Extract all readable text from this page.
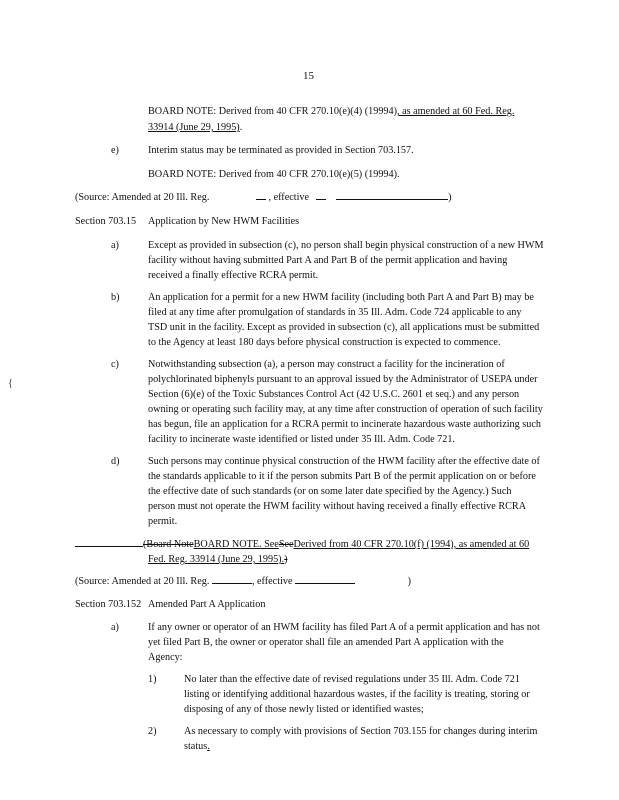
15
BOARD NOTE: Derived from 40 CFR 270.10(e)(4) (19994), as amended at 60 Fed. Reg.
33914 (June 29, 1995).
e)	Interim status may be terminated as provided in Section 703.157.
BOARD NOTE: Derived from 40 CFR 270.10(e)(5) (19994).
(Source: Amended at 20 Ill. Reg.	, effective	)
Section 703.15 Application by New HWM Facilities
a)	Except as provided in subsection (c), no person shall begin physical construction of a new HWM
facility without having submitted Part A and Part B of the permit application and having
received a finally effective RCRA permit.
b)	An application for a permit for a new HWM facility (including both Part A and Part B) may be
filed at any time after promulgation of standards in 35 Ill. Adm. Code 724 applicable to any
TSD unit in the facility. Except as provided in subsection (c), all applications must be submitted
to the Agency at least 180 days before physical construction is expected to commence.
c)	Notwithstanding subsection (a), a person may construct a facility for the incineration of
polychlorinated biphenyls pursuant to an approval issued by the Administrator of USEPA under
Section (6)(e) of the Toxic Substances Control Act (42 U.S.C. 2601 et seq.) and any person
owning or operating such facility may, at any time after construction of operation of such facility
has begun, file an application for a RCRA permit to incinerate hazardous waste authorizing such
facility to incinerate waste identified or listed under 35 Ill. Adm. Code 721.
{
d)	Such persons may continue physical construction of the HWM facility after the effective date of
the standards applicable to it if the person submits Part B of the permit application on or before
the effective date of such standards (or on some later date specified by the Agency.) Such
person must not operate the HWM facility without having received a finally effective RCRA
permit.
(Board NoteBOARD NOTE. SeeSeeDerived from 40 CFR 270.10(f) (1994), as amended at 60
Fed. Reg. 33914 (June 29, 1995).)
(Source: Amended at 20 Ill. Reg.	, effective	)
Section 703.152 Amended Part A Application
a)	If any owner or operator of an HWM facility has filed Part A of a permit application and has not
yet filed Part B, the owner or operator shall file an amended Part A application with the
Agency:
1)	No later than the effective date of revised regulations under 35 Ill. Adm. Code 721
listing or identifying additional hazardous wastes, if the facility is treating, storing or
disposing of any of those newly listed or identified wastes;
2)	As necessary to comply with provisions of Section 703.155 for changes during interim
status.
